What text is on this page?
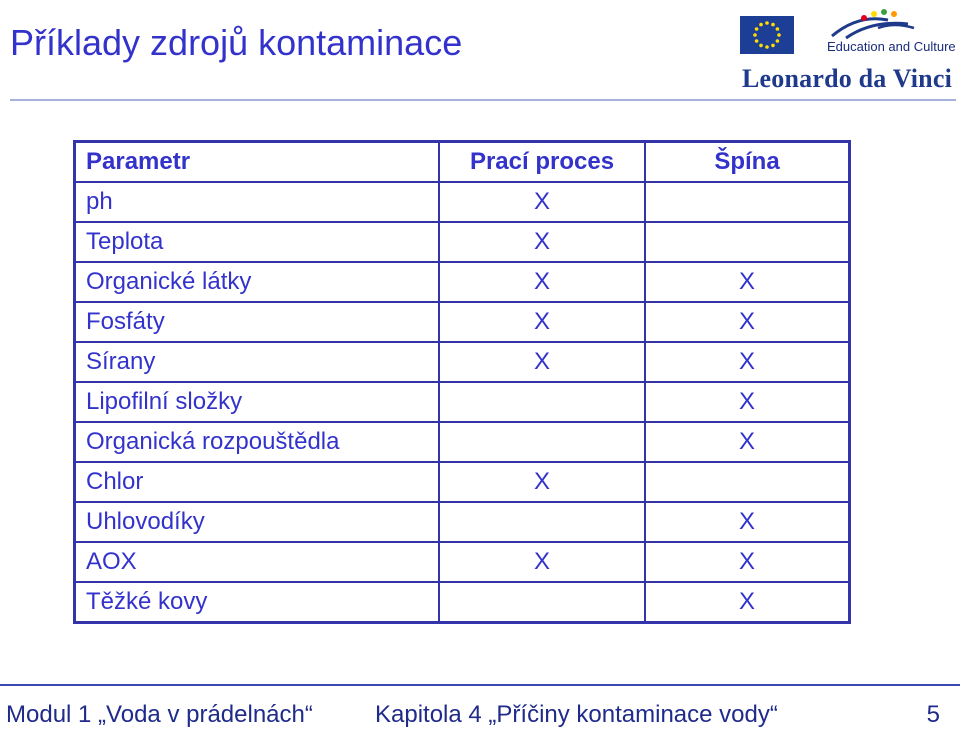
Příklady zdrojů kontaminace	Education and Culture
Leonardo da Vinci
Parametr	Prací proces	Špína
ph	X	
Teplota	X	
Organické látky	X	X
Fosfáty	X	X
Sírany	X	X
Lipofilní složky		X
Organická rozpouštědla		X
Chlor	X	
Uhlovodíky		X
AOX	X	X
Těžké kovy		X
Modul 1 „Voda v prádelnách“	Kapitola 4 „Příčiny kontaminace vody“	5
